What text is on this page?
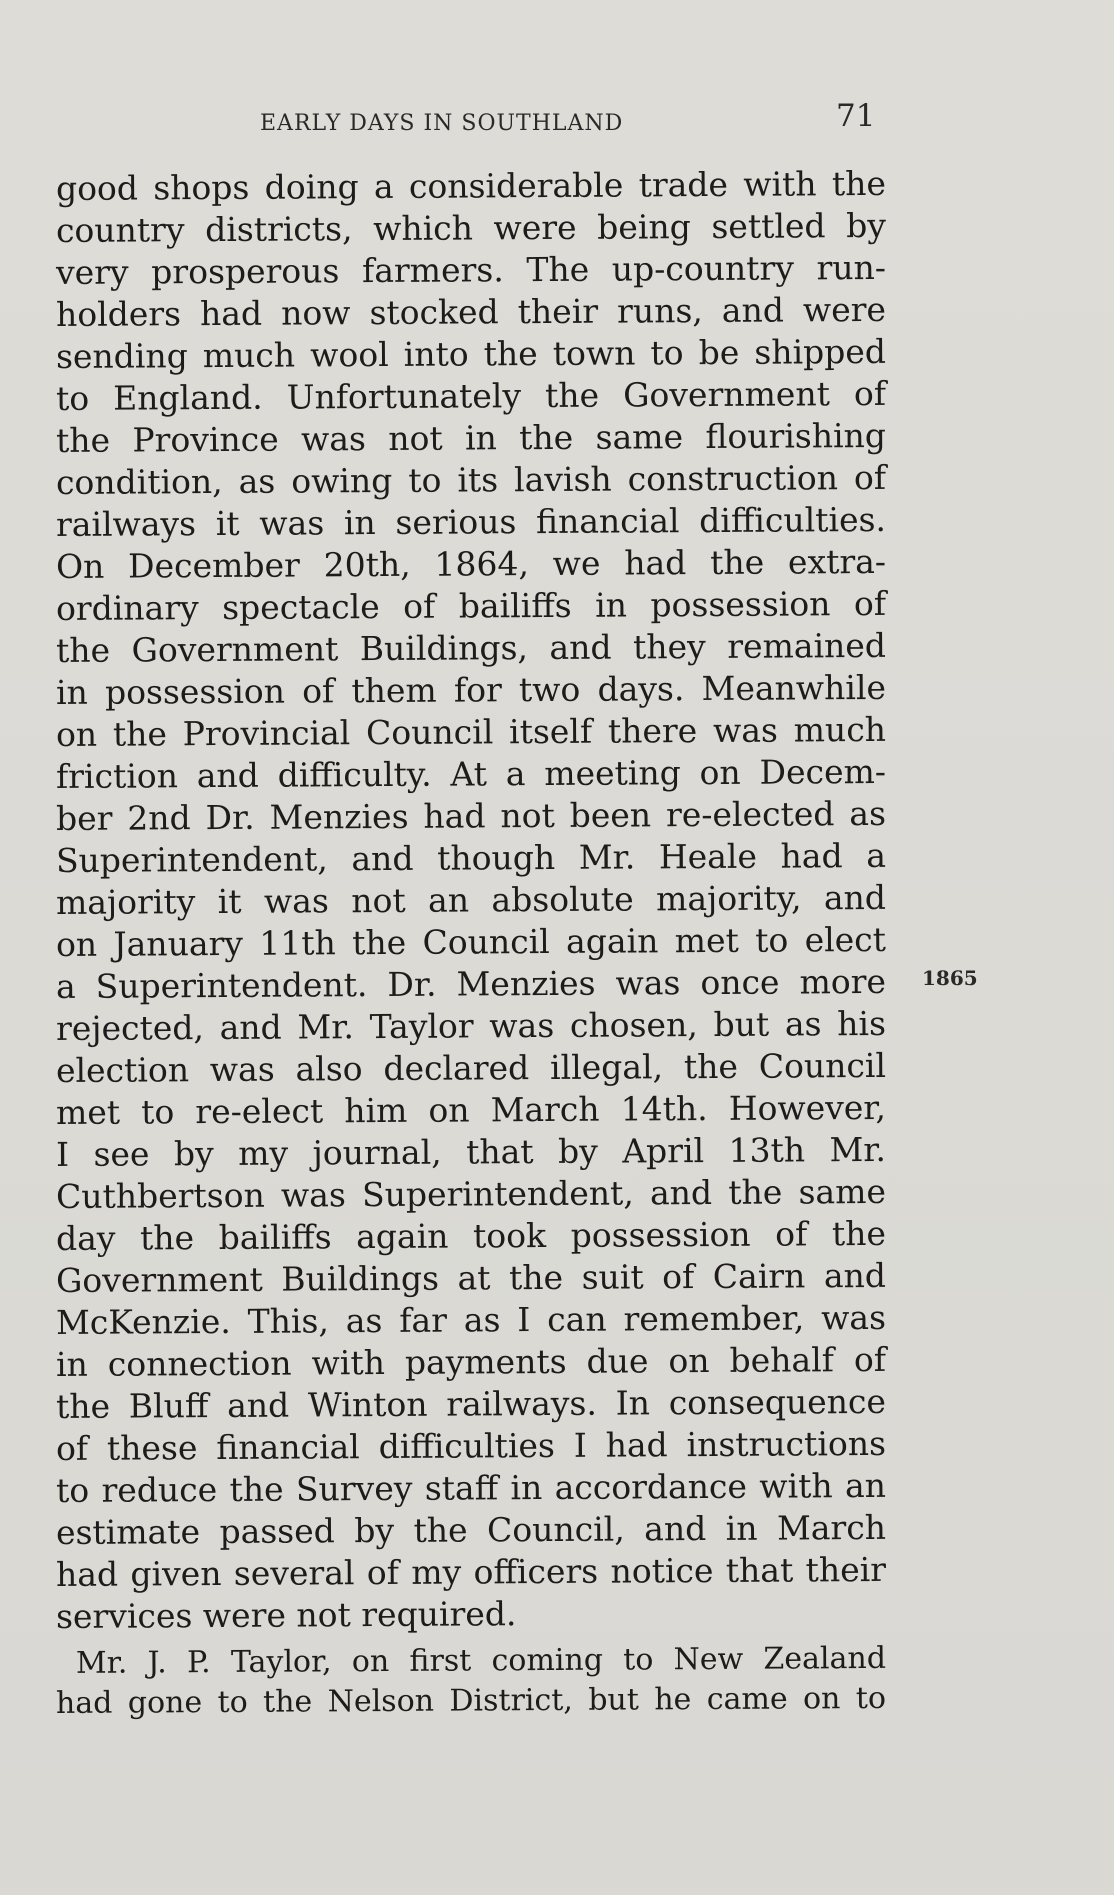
EARLY DAYS IN SOUTHLAND	71
good shops doing a considerable trade with the
country districts, which were being settled by
very prosperous farmers. The up-country run-
holders had now stocked their runs, and were
sending much wool into the town to be shipped
to England. Unfortunately the Government of
the Province was not in the same flourishing
condition, as owing to its lavish construction of
railways it was in serious financial difficulties.
On December 20th, 1864, we had the extra-
ordinary spectacle of bailiffs in possession of
the Government Buildings, and they remained
in possession of them for two days. Meanwhile
on the Provincial Council itself there was much
friction and difficulty. At a meeting on Decem-
ber 2nd Dr. Menzies had not been re-elected as
Superintendent, and though Mr. Heale had a
majority it was not an absolute majority, and
on January 11th the Council again met to elect
a Superintendent. Dr. Menzies was once more
rejected, and Mr. Taylor was chosen, but as his
election was also declared illegal, the Council
met to re-elect him on March 14th. However,
I see by my journal, that by April 13th Mr.
Cuthbertson was Superintendent, and the same
day the bailiffs again took possession of the
Government Buildings at the suit of Cairn and
McKenzie. This, as far as I can remember, was
in connection with payments due on behalf of
the Bluff and Winton railways. In consequence
of these financial difficulties I had instructions
to reduce the Survey staff in accordance with an
estimate passed by the Council, and in March
had given several of my officers notice that their
services were not required.
Mr. J. P. Taylor, on first coming to New Zealand
had gone to the Nelson District, but he came on to
1865
